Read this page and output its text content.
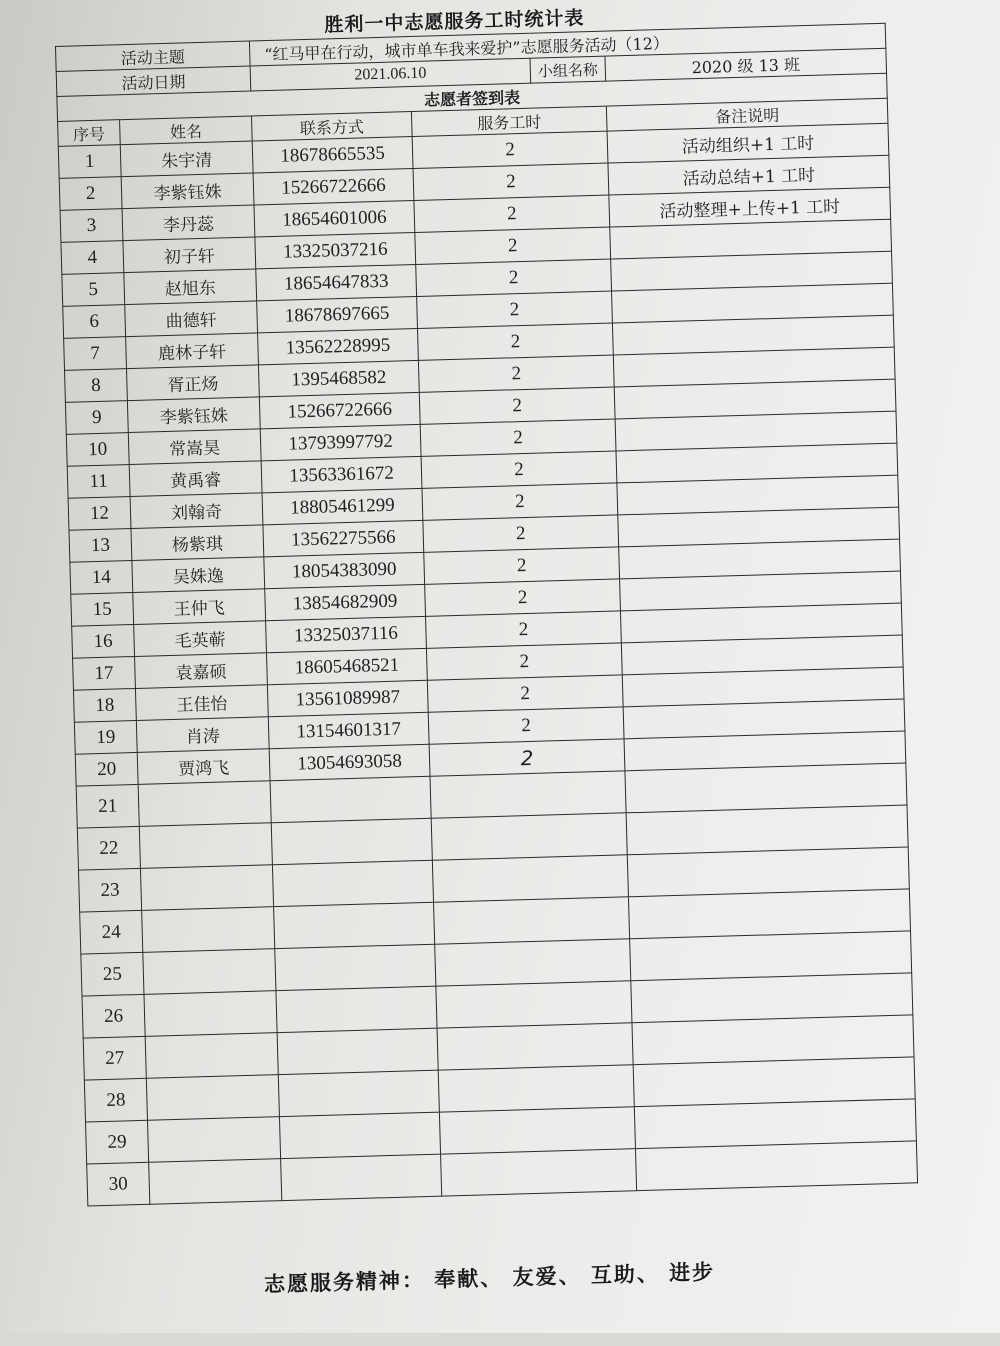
胜利一中志愿服务工时统计表
活动主题		“红马甲在行动，城市单车我来爱护”志愿服务活动（12）			
活动日期		2021.06.10		小组名称	2020 级 13 班
志愿者签到表					
序号	姓名	联系方式	服务工时		备注说明
1	朱宇清	18678665535	2		活动组织+1 工时
2	李紫钰姝	15266722666	2		活动总结+1 工时
3	李丹蕊	18654601006	2		活动整理+上传+1 工时
4	初子轩	13325037216	2		
5	赵旭东	18654647833	2		
6	曲德轩	18678697665	2		
7	鹿林子轩	13562228995	2		
8	胥正炀	1395468582	2		
9	李紫钰姝	15266722666	2		
10	常嵩昊	13793997792	2		
11	黄禹睿	13563361672	2		
12	刘翰奇	18805461299	2		
13	杨紫琪	13562275566	2		
14	吴姝逸	18054383090	2		
15	王仲飞	13854682909	2		
16	毛英蕲	13325037116	2		
17	袁嘉硕	18605468521	2		
18	王佳怡	13561089987	2		
19	肖涛	13154601317	2		
20	贾鸿飞	13054693058	2		
21					
22					
23					
24					
25					
26					
27					
28					
29					
30					
志愿服务精神： 奉献、 友爱、 互助、 进步
